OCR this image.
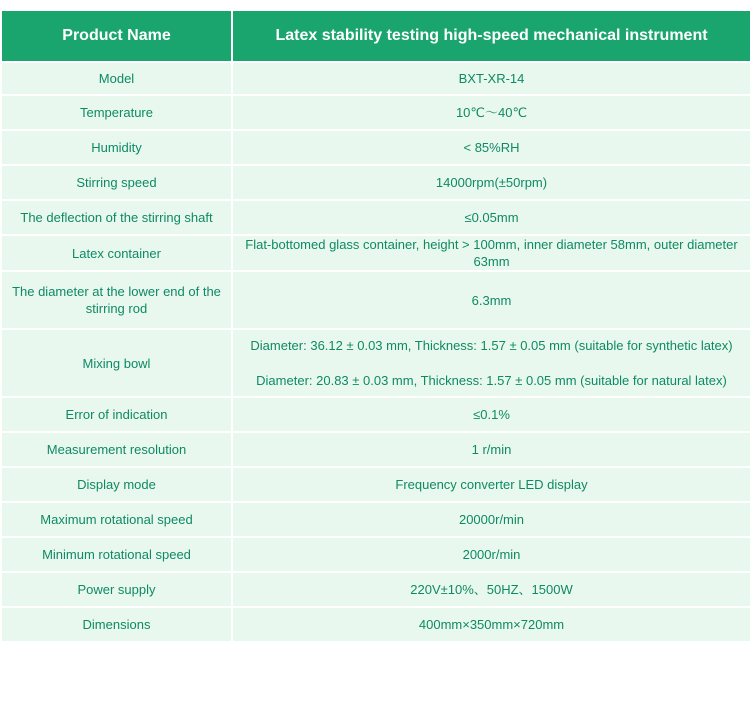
Product Name	Latex stability testing high-speed mechanical instrument
Model	BXT-XR-14
Temperature	10℃～40℃
Humidity	< 85%RH
Stirring speed	14000rpm(±50rpm)
The deflection of the stirring shaft	≤0.05mm
Latex container	Flat-bottomed glass container, height > 100mm, inner diameter 58mm, outer diameter 63mm
The diameter at the lower end of the stirring rod	6.3mm
Mixing bowl	Diameter: 36.12 ± 0.03 mm, Thickness: 1.57 ± 0.05 mm (suitable for synthetic latex)
Diameter: 20.83 ± 0.03 mm, Thickness: 1.57 ± 0.05 mm (suitable for natural latex)

Error of indication	≤0.1%
Measurement resolution	1 r/min
Display mode	Frequency converter LED display
Maximum rotational speed	20000r/min
Minimum rotational speed	2000r/min
Power supply	220V±10%、50HZ、1500W
Dimensions	400mm×350mm×720mm
